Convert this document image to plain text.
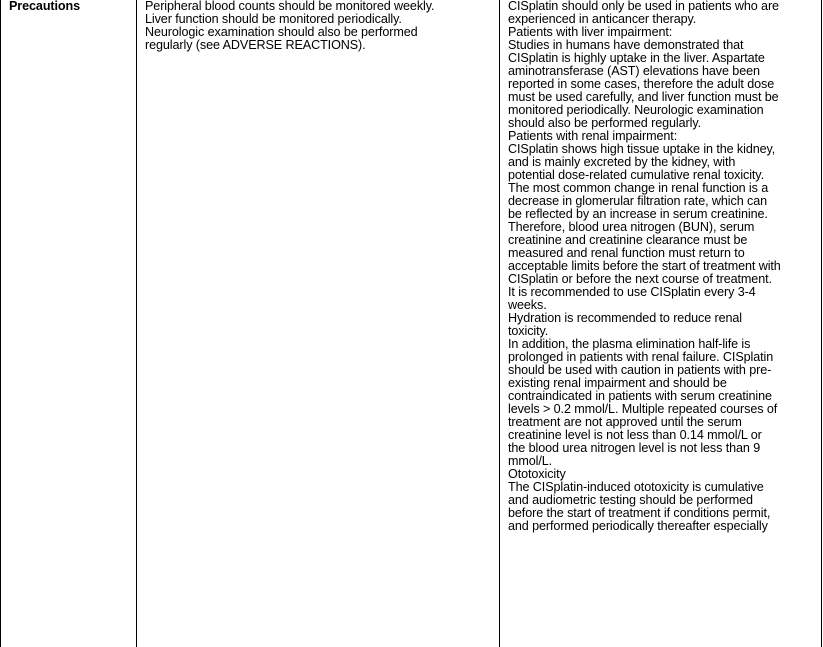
Precautions	Peripheral blood counts should be monitored weekly.
Liver function should be monitored periodically.
Neurologic examination should also be performed
regularly (see ADVERSE REACTIONS).
CISplatin should only be used in patients who are
experienced in anticancer therapy.
Patients with liver impairment:
Studies in humans have demonstrated that
CISplatin is highly uptake in the liver. Aspartate
aminotransferase (AST) elevations have been
reported in some cases, therefore the adult dose
must be used carefully, and liver function must be
monitored periodically. Neurologic examination
should also be performed regularly.
Patients with renal impairment:
CISplatin shows high tissue uptake in the kidney,
and is mainly excreted by the kidney, with
potential dose-related cumulative renal toxicity.
The most common change in renal function is a
decrease in glomerular filtration rate, which can
be reflected by an increase in serum creatinine.
Therefore, blood urea nitrogen (BUN), serum
creatinine and creatinine clearance must be
measured and renal function must return to
acceptable limits before the start of treatment with
CISplatin or before the next course of treatment.
It is recommended to use CISplatin every 3-4
weeks.
Hydration is recommended to reduce renal
toxicity.
In addition, the plasma elimination half-life is
prolonged in patients with renal failure. CISplatin
should be used with caution in patients with pre-
existing renal impairment and should be
contraindicated in patients with serum creatinine
levels > 0.2 mmol/L. Multiple repeated courses of
treatment are not approved until the serum
creatinine level is not less than 0.14 mmol/L or
the blood urea nitrogen level is not less than 9
mmol/L.
Ototoxicity
The CISplatin-induced ototoxicity is cumulative
and audiometric testing should be performed
before the start of treatment if conditions permit,
and performed periodically thereafter especially
